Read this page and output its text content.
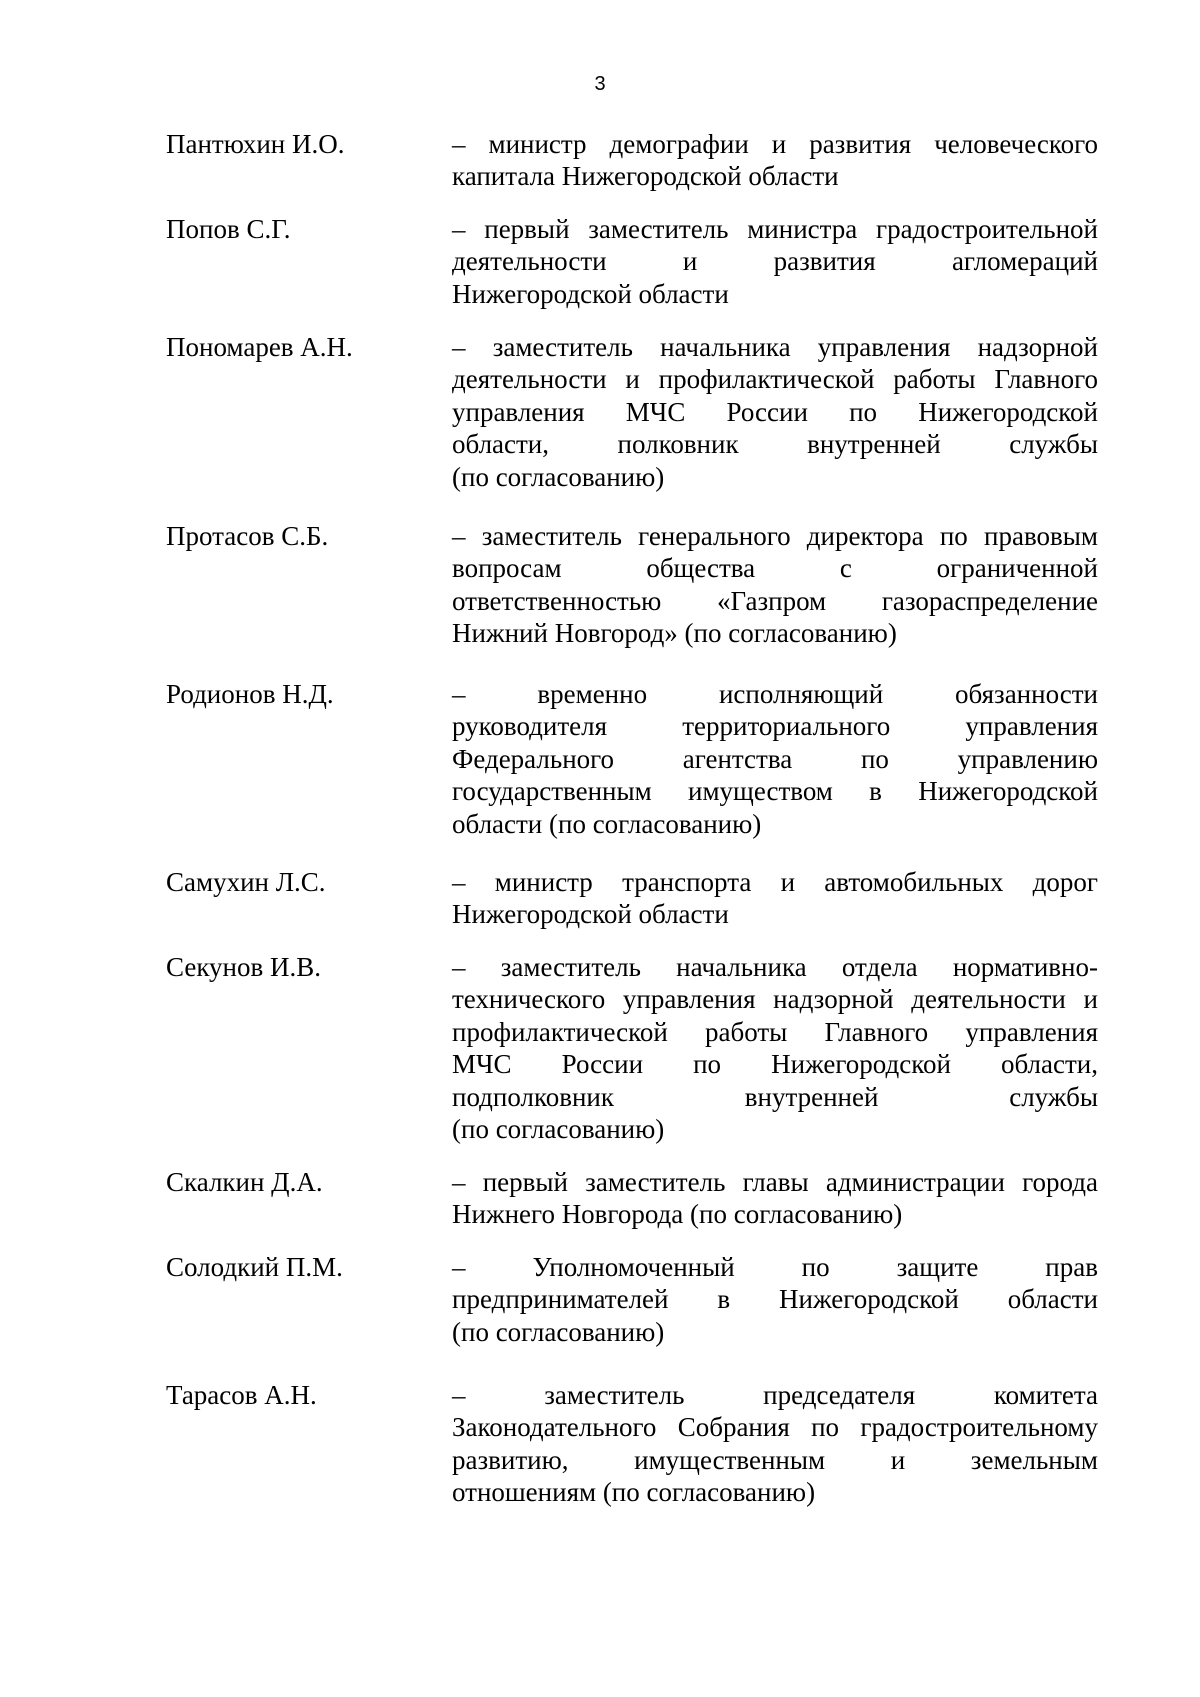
3
Пантюхин И.О.	– министр демографии и развития человеческого
капитала Нижегородской области
Попов С.Г.	– первый заместитель министра градостроительной
деятельности и развития агломераций
Нижегородской области
Пономарев А.Н.	– заместитель начальника управления надзорной
деятельности и профилактической работы Главного
управления МЧС России по Нижегородской
области, полковник внутренней службы
(по согласованию)
Протасов С.Б.	– заместитель генерального директора по правовым
вопросам общества с ограниченной
ответственностью «Газпром газораспределение
Нижний Новгород» (по согласованию)
Родионов Н.Д.	– временно исполняющий обязанности
руководителя территориального управления
Федерального агентства по управлению
государственным имуществом в Нижегородской
области (по согласованию)
Самухин Л.С.	– министр транспорта и автомобильных дорог
Нижегородской области
Секунов И.В.	– заместитель начальника отдела нормативно-
технического управления надзорной деятельности и
профилактической работы Главного управления
МЧС России по Нижегородской области,
подполковник внутренней службы
(по согласованию)
Скалкин Д.А.	– первый заместитель главы администрации города
Нижнего Новгорода (по согласованию)
Солодкий П.М.	– Уполномоченный по защите прав
предпринимателей в Нижегородской области
(по согласованию)
Тарасов А.Н.	– заместитель председателя комитета
Законодательного Собрания по градостроительному
развитию, имущественным и земельным
отношениям (по согласованию)
